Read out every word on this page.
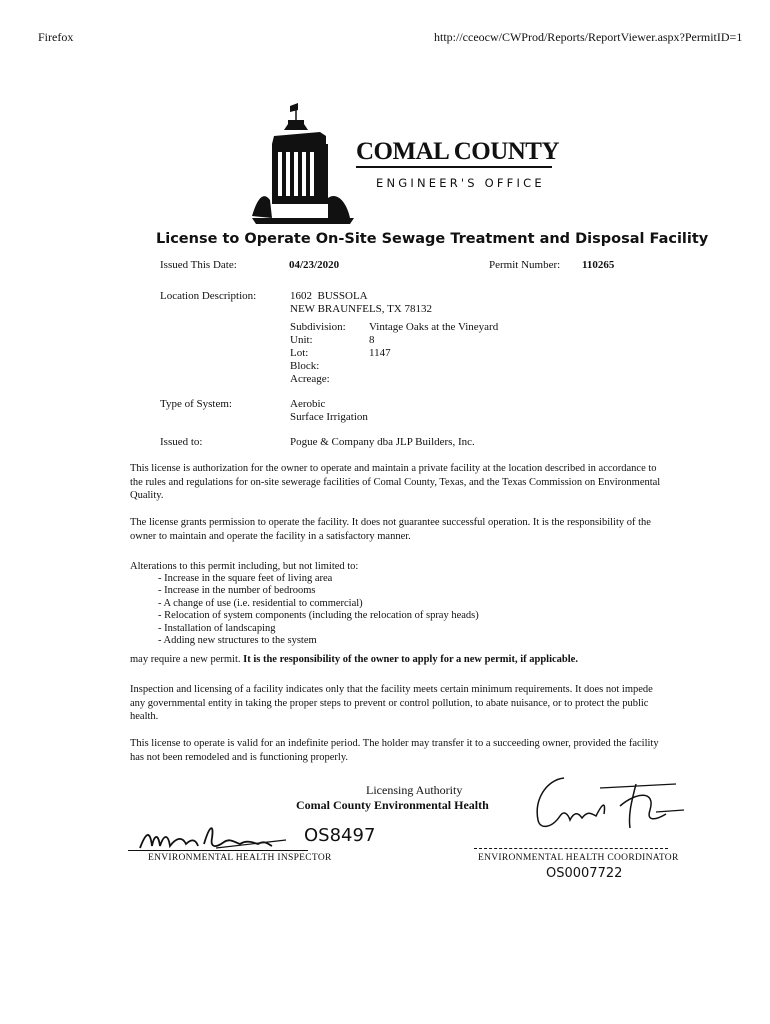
Firefox	http://cceocw/CWProd/Reports/ReportViewer.aspx?PermitID=1
COMAL COUNTY
ENGINEER'S OFFICE
License to Operate On-Site Sewage Treatment and Disposal Facility
Issued This Date:	04/23/2020	Permit Number: 110265
Location Description:	1602  BUSSOLA
NEW BRAUNFELS, TX 78132
Subdivision: Vintage Oaks at the Vineyard
Unit:	8
Lot:	1147
Block:
Acreage:
Type of System:	Aerobic
Surface Irrigation
Issued to:	Pogue & Company dba JLP Builders, Inc.
This license is authorization for the owner to operate and maintain a private facility at the location described in accordance to the rules and regulations for on-site sewerage facilities of Comal County, Texas, and the Texas Commission on Environmental Quality.
The license grants permission to operate the facility. It does not guarantee successful operation. It is the responsibility of the owner to maintain and operate the facility in a satisfactory manner.
Alterations to this permit including, but not limited to:
- Increase in the square feet of living area
- Increase in the number of bedrooms
- A change of use (i.e. residential to commercial)
- Relocation of system components (including the relocation of spray heads)
- Installation of landscaping
- Adding new structures to the system
may require a new permit. It is the responsibility of the owner to apply for a new permit, if applicable.
Inspection and licensing of a facility indicates only that the facility meets certain minimum requirements. It does not impede any governmental entity in taking the proper steps to prevent or control pollution, to abate nuisance, or to protect the public health.
This license to operate is valid for an indefinite period. The holder may transfer it to a succeeding owner, provided the facility has not been remodeled and is functioning properly.
Licensing Authority
Comal County Environmental Health
Michael Lagan
OS8497
ENVIRONMENTAL HEALTH INSPECTOR
Brenda Ry
ENVIRONMENTAL HEALTH COORDINATOR
OS0007722
